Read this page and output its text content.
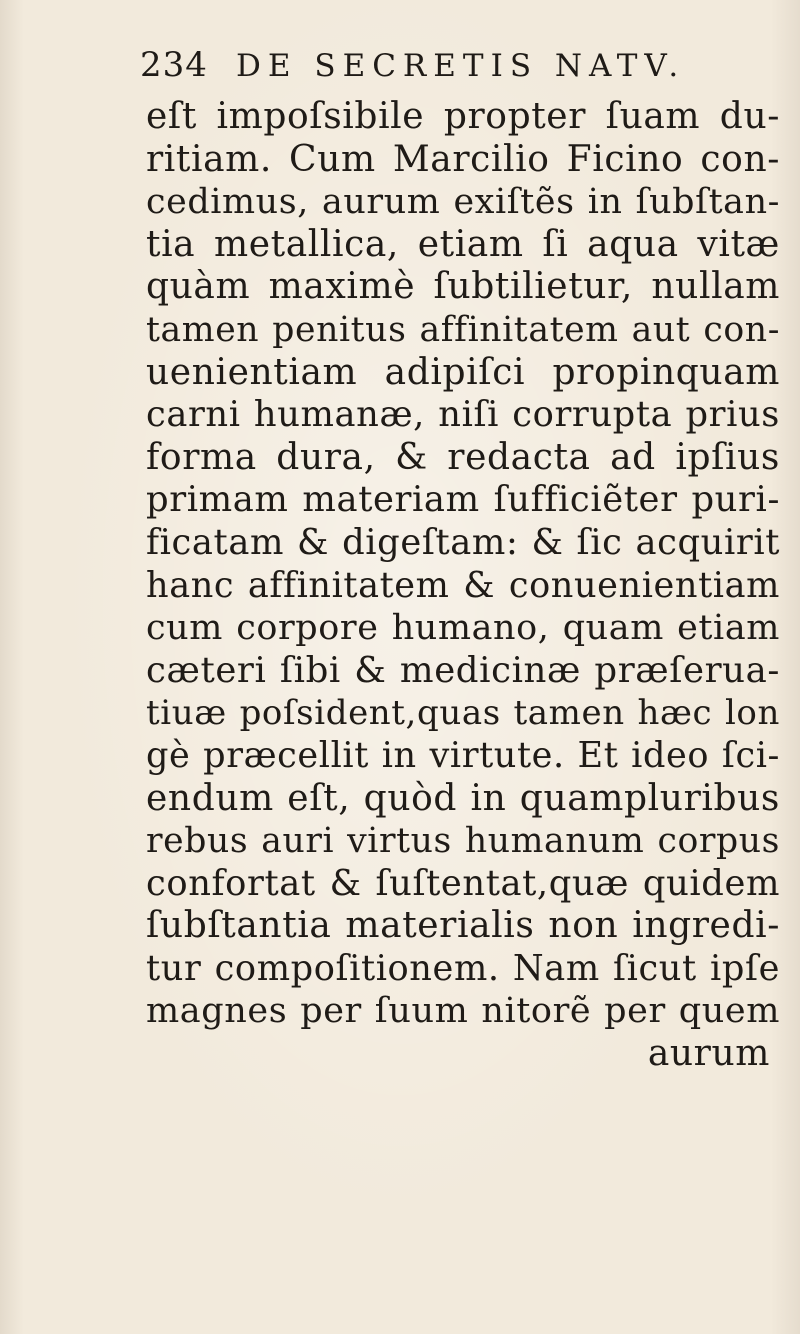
234 DE SECRETIS NATV.
eſt impoſsibile propter ſuam du-
ritiam. Cum Marcilio Ficino con-
cedimus, aurum exiſtẽs in ſubſtan-
tia metallica, etiam ſi aqua vitæ
quàm maximè ſubtilietur, nullam
tamen penitus affinitatem aut con-
uenientiam adipiſci propinquam
carni humanæ, niſi corrupta prius
forma dura, & redacta ad ipſius
primam materiam ſufficiẽter puri-
ficatam & digeſtam: & ſic acquirit
hanc affinitatem & conuenientiam
cum corpore humano, quam etiam
cæteri ſibi & medicinæ præſerua-
tiuæ poſsident,quas tamen hæc lon
gè præcellit in virtute. Et ideo ſci-
endum eſt, quòd in quampluribus
rebus auri virtus humanum corpus
confortat & ſuſtentat,quæ quidem
ſubſtantia materialis non ingredi-
tur compoſitionem. Nam ſicut ipſe
magnes per ſuum nitorẽ per quem
aurum
